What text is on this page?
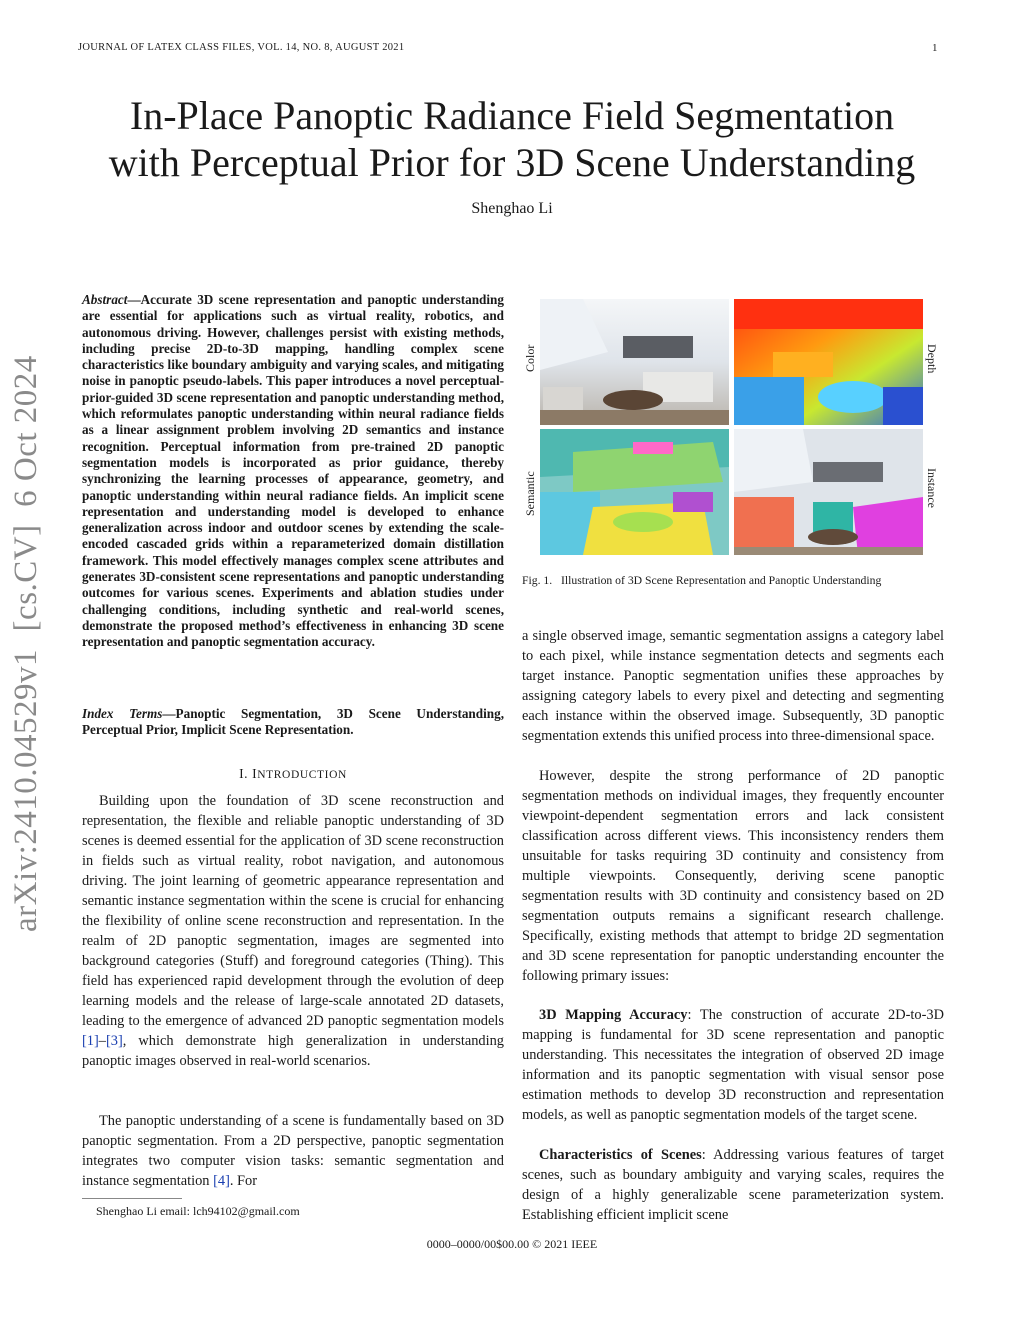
JOURNAL OF LATEX CLASS FILES, VOL. 14, NO. 8, AUGUST 2021	1
arXiv:2410.04529v1  [cs.CV]  6 Oct 2024
In-Place Panoptic Radiance Field Segmentation
with Perceptual Prior for 3D Scene Understanding
Shenghao Li
Abstract—Accurate 3D scene representation and panoptic understanding are essential for applications such as virtual reality, robotics, and autonomous driving. However, challenges persist with existing methods, including precise 2D-to-3D mapping, handling complex scene characteristics like boundary ambiguity and varying scales, and mitigating noise in panoptic pseudo-labels. This paper introduces a novel perceptual-prior-guided 3D scene representation and panoptic understanding method, which reformulates panoptic understanding within neural radiance fields as a linear assignment problem involving 2D semantics and instance recognition. Perceptual information from pre-trained 2D panoptic segmentation models is incorporated as prior guidance, thereby synchronizing the learning processes of appearance, geometry, and panoptic understanding within neural radiance fields. An implicit scene representation and understanding model is developed to enhance generalization across indoor and outdoor scenes by extending the scale-encoded cascaded grids within a reparameterized domain distillation framework. This model effectively manages complex scene attributes and generates 3D-consistent scene representations and panoptic understanding outcomes for various scenes. Experiments and ablation studies under challenging conditions, including synthetic and real-world scenes, demonstrate the proposed method’s effectiveness in enhancing 3D scene representation and panoptic segmentation accuracy.
Index Terms—Panoptic Segmentation, 3D Scene Understanding, Perceptual Prior, Implicit Scene Representation.
I. INTRODUCTION

Building upon the foundation of 3D scene reconstruction and representation, the flexible and reliable panoptic understanding of 3D scenes is deemed essential for the application of 3D scene reconstruction in fields such as virtual reality, robot navigation, and autonomous driving. The joint learning of geometric appearance representation and semantic instance segmentation within the scene is crucial for enhancing the flexibility of online scene reconstruction and representation. In the realm of 2D panoptic segmentation, images are segmented into background categories (Stuff) and foreground categories (Thing). This field has experienced rapid development through the evolution of deep learning models and the release of large-scale annotated 2D datasets, leading to the emergence of advanced 2D panoptic segmentation models [1]–[3], which demonstrate high generalization in understanding panoptic images observed in real-world scenarios.

The panoptic understanding of a scene is fundamentally based on 3D panoptic segmentation. From a 2D perspective, panoptic segmentation integrates two computer vision tasks: semantic segmentation and instance segmentation [4]. For

Shenghao Li email: lch94102@gmail.com
0000–0000/00$00.00 © 2021 IEEE
Color
Semantic
Depth
Instance
Fig. 1.   Illustration of 3D Scene Representation and Panoptic Understanding

a single observed image, semantic segmentation assigns a category label to each pixel, while instance segmentation detects and segments each target instance. Panoptic segmentation unifies these approaches by assigning category labels to every pixel and detecting and segmenting each instance within the observed image. Subsequently, 3D panoptic segmentation extends this unified process into three-dimensional space.

However, despite the strong performance of 2D panoptic segmentation methods on individual images, they frequently encounter viewpoint-dependent segmentation errors and lack consistent classification across different views. This inconsistency renders them unsuitable for tasks requiring 3D continuity and consistency from multiple viewpoints. Consequently, deriving scene panoptic segmentation results with 3D continuity and consistency based on 2D segmentation outputs remains a significant research challenge. Specifically, existing methods that attempt to bridge 2D segmentation and 3D scene representation for panoptic understanding encounter the following primary issues:

3D Mapping Accuracy: The construction of accurate 2D-to-3D mapping is fundamental for 3D scene representation and panoptic understanding. This necessitates the integration of observed 2D image information and its panoptic segmentation with visual sensor pose estimation methods to develop 3D reconstruction and representation models, as well as panoptic segmentation models of the target scene.

Characteristics of Scenes: Addressing various features of target scenes, such as boundary ambiguity and varying scales, requires the design of a highly generalizable scene parameterization system. Establishing efficient implicit scene
